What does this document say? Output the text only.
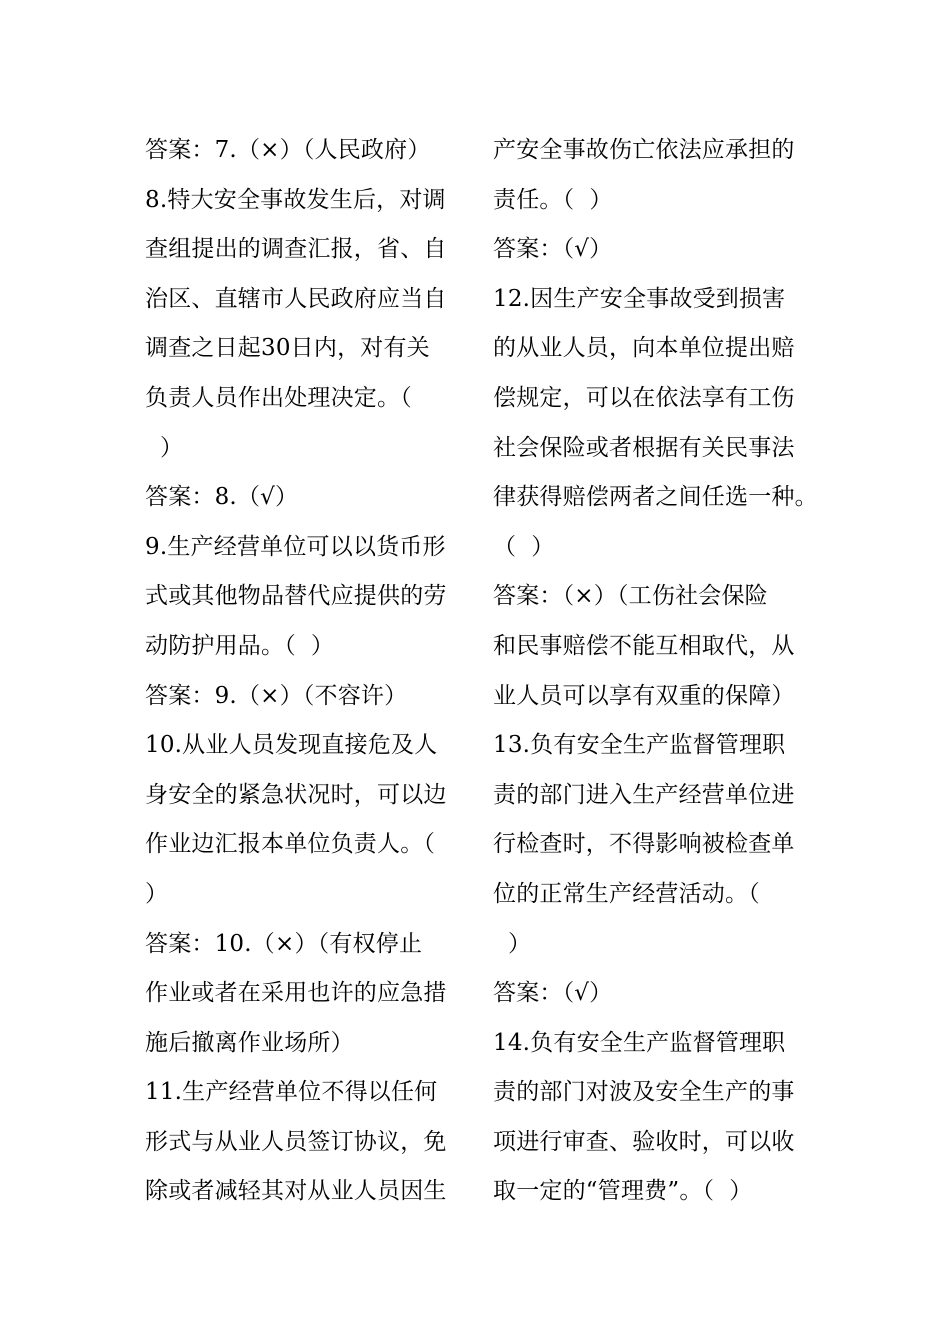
答案：7.（×）（人民政府）
8.特大安全事故发生后，对调
查组提出的调查汇报，省、自
治区、直辖市人民政府应当自
调查之日起30日内，对有关
负责人员作出处理决定。（
）
答案：8.（√）
9.生产经营单位可以以货币形
式或其他物品替代应提供的劳
动防护用品。（  ）
答案：9.（×）（不容许）
10.从业人员发现直接危及人
身安全的紧急状况时，可以边
作业边汇报本单位负责人。（
）
答案：10.（×）（有权停止
作业或者在采用也许的应急措
施后撤离作业场所）
11.生产经营单位不得以任何
形式与从业人员签订协议，免
除或者减轻其对从业人员因生
产安全事故伤亡依法应承担的
责任。（  ）
答案：（√）
12.因生产安全事故受到损害
的从业人员，向本单位提出赔
偿规定，可以在依法享有工伤
社会保险或者根据有关民事法
律获得赔偿两者之间任选一种。
（  ）
答案：（×）（工伤社会保险
和民事赔偿不能互相取代，从
业人员可以享有双重的保障）
13.负有安全生产监督管理职
责的部门进入生产经营单位进
行检查时，不得影响被检查单
位的正常生产经营活动。（
）
答案：（√）
14.负有安全生产监督管理职
责的部门对波及安全生产的事
项进行审查、验收时，可以收
取一定的“管理费”。（  ）
